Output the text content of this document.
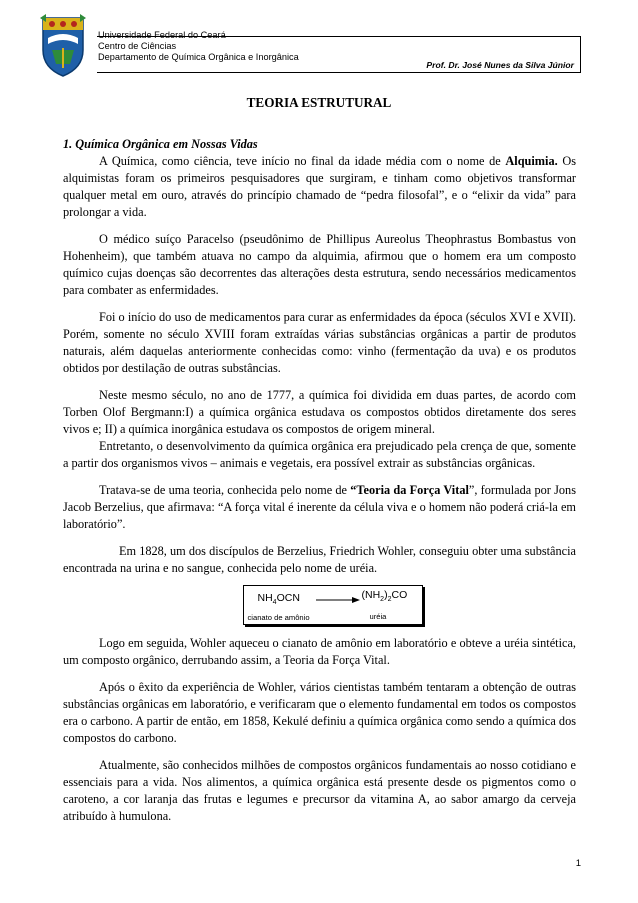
Universidade Federal do Ceará
Centro de Ciências
Departamento de Química Orgânica e Inorgânica
Prof. Dr. José Nunes da Silva Júnior
TEORIA ESTRUTURAL
1. Química Orgânica em Nossas Vidas

A Química, como ciência, teve início no final da idade média com o nome de Alquimia. Os alquimistas foram os primeiros pesquisadores que surgiram, e tinham como objetivos transformar qualquer metal em ouro, através do princípio chamado de “pedra filosofal”, e o “elixir da vida” para prolongar a vida.

O médico suíço Paracelso (pseudônimo de Phillipus Aureolus Theophrastus Bombastus von Hohenheim), que também atuava no campo da alquimia, afirmou que o homem era um composto químico cujas doenças são decorrentes das alterações desta estrutura, sendo necessários medicamentos para combater as enfermidades.

Foi o início do uso de medicamentos para curar as enfermidades da época (séculos XVI e XVII). Porém, somente no século XVIII foram extraídas várias substâncias orgânicas a partir de produtos naturais, além daquelas anteriormente conhecidas como: vinho (fermentação da uva) e os produtos obtidos por destilação de outras substâncias.

Neste mesmo século, no ano de 1777, a química foi dividida em duas partes, de acordo com Torben Olof Bergmann:I) a química orgânica estudava os compostos obtidos diretamente dos seres vivos e; II) a química inorgânica estudava os compostos de origem mineral.

Entretanto, o desenvolvimento da química orgânica era prejudicado pela crença de que, somente a partir dos organismos vivos – animais e vegetais, era possível extrair as substâncias orgânicas.

Tratava-se de uma teoria, conhecida pelo nome de “Teoria da Força Vital”, formulada por Jons Jacob Berzelius, que afirmava: “A força vital é inerente da célula viva e o homem não poderá criá-la em laboratório”.

Em 1828, um dos discípulos de Berzelius, Friedrich Wohler, conseguiu obter uma substância encontrada na urina e no sangue, conhecida pelo nome de uréia.

$NH_4OCN \to (NH_2)_2CO$
cianato de amônio	uréia

Logo em seguida, Wohler aqueceu o cianato de amônio em laboratório e obteve a uréia sintética, um composto orgânico, derrubando assim, a Teoria da Força Vital.

Após o êxito da experiência de Wohler, vários cientistas também tentaram a obtenção de outras substâncias orgânicas em laboratório, e verificaram que o elemento fundamental em todos os compostos era o carbono. A partir de então, em 1858, Kekulé definiu a química orgânica como sendo a química dos compostos do carbono.

Atualmente, são conhecidos milhões de compostos orgânicos fundamentais ao nosso cotidiano e essenciais para a vida. Nos alimentos, a química orgânica está presente desde os pigmentos como o caroteno, a cor laranja das frutas e legumes e precursor da vitamina A, ao sabor amargo da cerveja atribuído à humulona.

1
